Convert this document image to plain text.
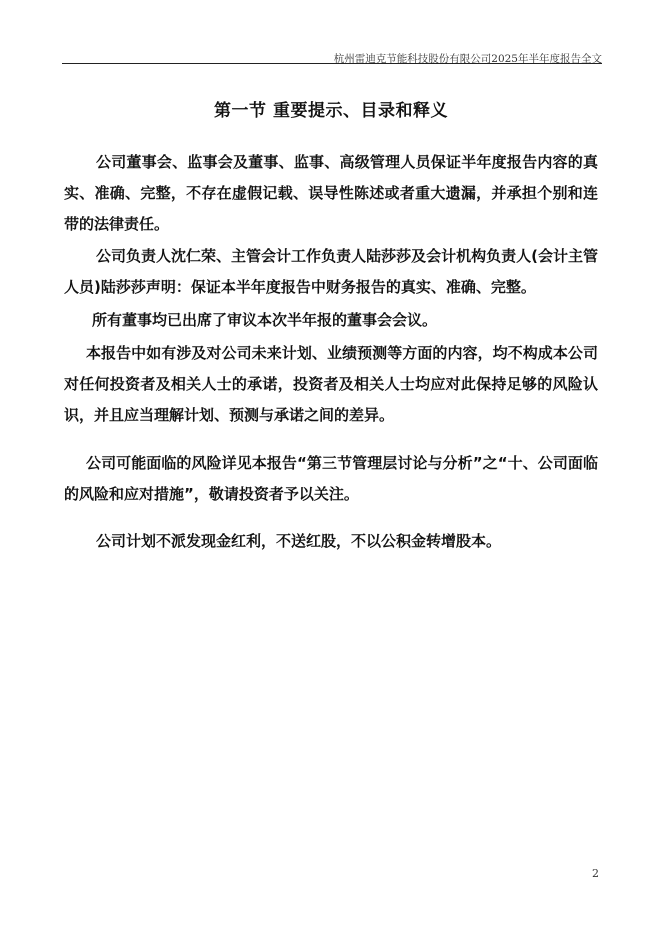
杭州雷迪克节能科技股份有限公司2025年半年度报告全文
第一节 重要提示、目录和释义
公司董事会、监事会及董事、监事、高级管理人员保证半年度报告内容的真实、准确、完整，不存在虚假记载、误导性陈述或者重大遗漏，并承担个别和连带的法律责任。
公司负责人沈仁荣、主管会计工作负责人陆莎莎及会计机构负责人(会计主管人员)陆莎莎声明：保证本半年度报告中财务报告的真实、准确、完整。
所有董事均已出席了审议本次半年报的董事会会议。
本报告中如有涉及对公司未来计划、业绩预测等方面的内容，均不构成本公司对任何投资者及相关人士的承诺，投资者及相关人士均应对此保持足够的风险认识，并且应当理解计划、预测与承诺之间的差异。
公司可能面临的风险详见本报告“第三节管理层讨论与分析”之“十、公司面临的风险和应对措施”，敬请投资者予以关注。
公司计划不派发现金红利，不送红股，不以公积金转增股本。
2
